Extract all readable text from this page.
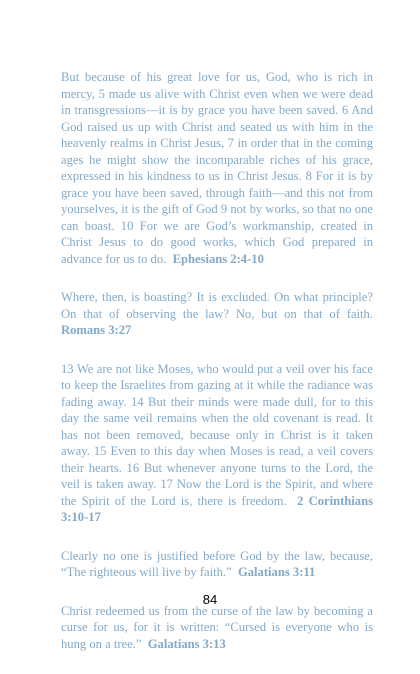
But because of his great love for us, God, who is rich in mercy, 5 made us alive with Christ even when we were dead in transgressions—it is by grace you have been saved. 6 And God raised us up with Christ and seated us with him in the heavenly realms in Christ Jesus, 7 in order that in the coming ages he might show the incomparable riches of his grace, expressed in his kindness to us in Christ Jesus. 8 For it is by grace you have been saved, through faith—and this not from yourselves, it is the gift of God 9 not by works, so that no one can boast. 10 For we are God’s workmanship, created in Christ Jesus to do good works, which God prepared in advance for us to do. Ephesians 2:4-10

Where, then, is boasting? It is excluded. On what principle? On that of observing the law? No, but on that of faith. Romans 3:27

13 We are not like Moses, who would put a veil over his face to keep the Israelites from gazing at it while the radiance was fading away. 14 But their minds were made dull, for to this day the same veil remains when the old covenant is read. It has not been removed, because only in Christ is it taken away. 15 Even to this day when Moses is read, a veil covers their hearts. 16 But whenever anyone turns to the Lord, the veil is taken away. 17 Now the Lord is the Spirit, and where the Spirit of the Lord is, there is freedom. 2 Corinthians 3:10-17

Clearly no one is justified before God by the law, because, “The righteous will live by faith.” Galatians 3:11

Christ redeemed us from the curse of the law by becoming a curse for us, for it is written: “Cursed is everyone who is hung on a tree.” Galatians 3:13

84
